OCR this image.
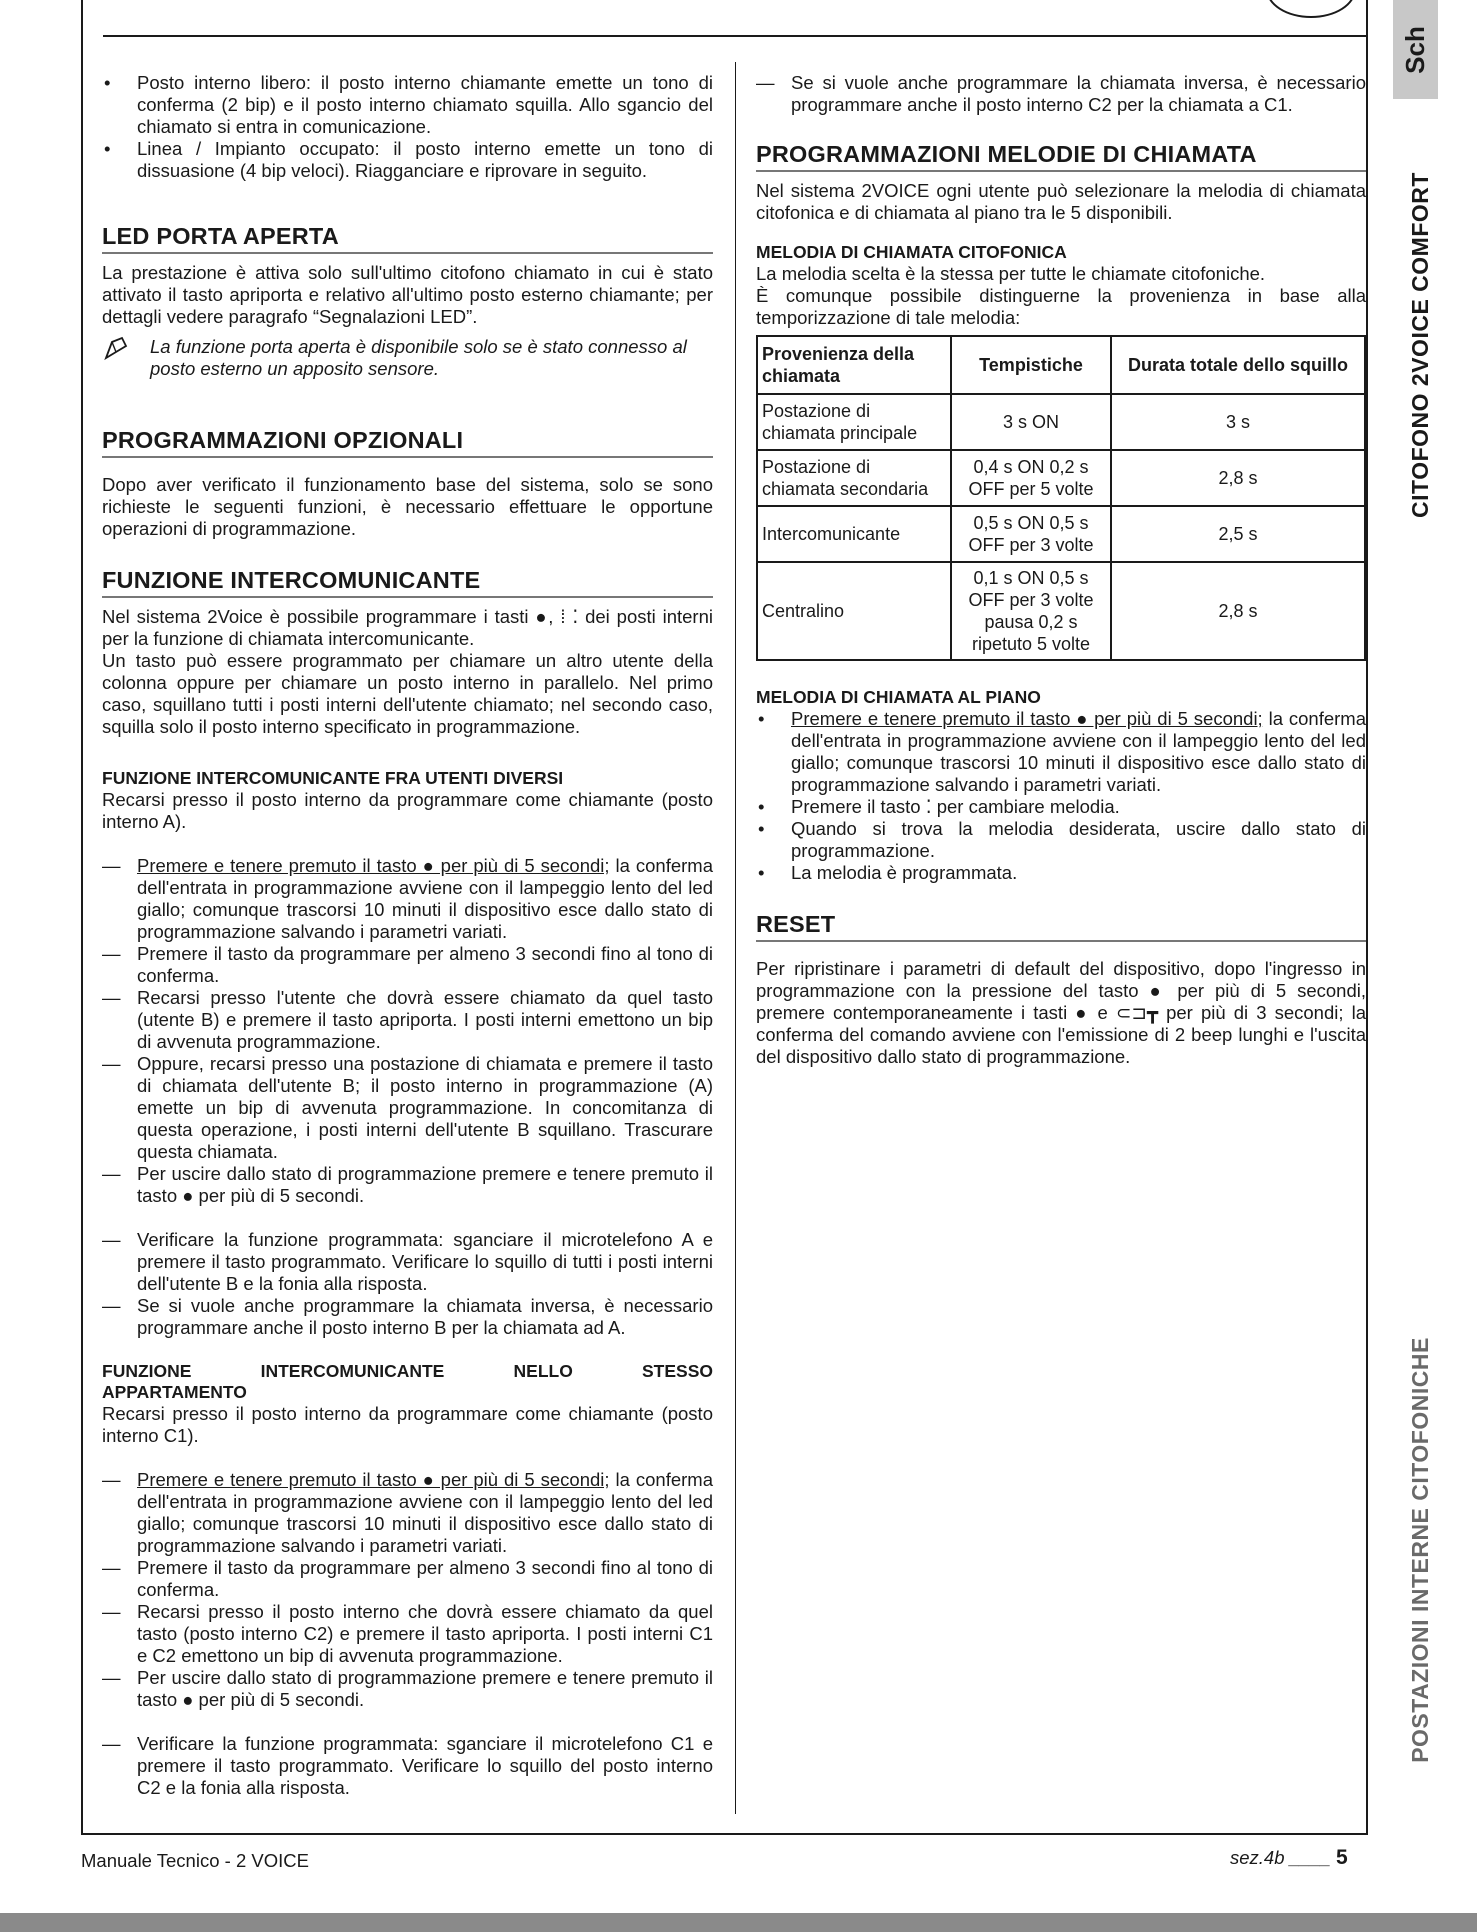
Sch
CITOFONO 2VOICE COMFORT
POSTAZIONI INTERNE CITOFONICHE
• Posto interno libero: il posto interno chiamante emette un tono di conferma (2 bip) e il posto interno chiamato squilla. Allo sgancio del chiamato si entra in comunicazione.
• Linea / Impianto occupato: il posto interno emette un tono di dissuasione (4 bip veloci). Riagganciare e riprovare in seguito.
LED PORTA APERTA

La prestazione è attiva solo sull'ultimo citofono chiamato in cui è stato attivato il tasto apriporta e relativo all'ultimo posto esterno chiamante; per dettagli vedere paragrafo “Segnalazioni LED”.

La funzione porta aperta è disponibile solo se è stato connesso al posto esterno un apposito sensore.
PROGRAMMAZIONI OPZIONALI

Dopo aver verificato il funzionamento base del sistema, solo se sono richieste le seguenti funzioni, è necessario effettuare le opportune operazioni di programmazione.

FUNZIONE INTERCOMUNICANTE

Nel sistema 2Voice è possibile programmare i tasti ●, ⁞ ⁚ dei posti interni per la funzione di chiamata intercomunicante.

Un tasto può essere programmato per chiamare un altro utente della colonna oppure per chiamare un posto interno in parallelo. Nel primo caso, squillano tutti i posti interni dell'utente chiamato; nel secondo caso, squilla solo il posto interno specificato in programmazione.

FUNZIONE INTERCOMUNICANTE FRA UTENTI DIVERSI

Recarsi presso il posto interno da programmare come chiamante (posto interno A).

— Premere e tenere premuto il tasto ● per più di 5 secondi; la conferma dell'entrata in programmazione avviene con il lampeggio lento del led giallo; comunque trascorsi 10 minuti il dispositivo esce dallo stato di programmazione salvando i parametri variati.
— Premere il tasto da programmare per almeno 3 secondi fino al tono di conferma.
— Recarsi presso l'utente che dovrà essere chiamato da quel tasto (utente B) e premere il tasto apriporta. I posti interni emettono un bip di avvenuta programmazione.
— Oppure, recarsi presso una postazione di chiamata e premere il tasto di chiamata dell'utente B; il posto interno in programmazione (A) emette un bip di avvenuta programmazione. In concomitanza di questa operazione, i posti interni dell'utente B squillano. Trascurare questa chiamata.
— Per uscire dallo stato di programmazione premere e tenere premuto il tasto ● per più di 5 secondi.
— Verificare la funzione programmata: sganciare il microtelefono A e premere il tasto programmato. Verificare lo squillo di tutti i posti interni dell'utente B e la fonia alla risposta.
— Se si vuole anche programmare la chiamata inversa, è necessario programmare anche il posto interno B per la chiamata ad A.
FUNZIONE INTERCOMUNICANTE NELLO STESSO
APPARTAMENTO

Recarsi presso il posto interno da programmare come chiamante (posto interno C1).

— Premere e tenere premuto il tasto ● per più di 5 secondi; la conferma dell'entrata in programmazione avviene con il lampeggio lento del led giallo; comunque trascorsi 10 minuti il dispositivo esce dallo stato di programmazione salvando i parametri variati.
— Premere il tasto da programmare per almeno 3 secondi fino al tono di conferma.
— Recarsi presso il posto interno che dovrà essere chiamato da quel tasto (posto interno C2) e premere il tasto apriporta. I posti interni C1 e C2 emettono un bip di avvenuta programmazione.
— Per uscire dallo stato di programmazione premere e tenere premuto il tasto ● per più di 5 secondi.
— Verificare la funzione programmata: sganciare il microtelefono C1 e premere il tasto programmato. Verificare lo squillo del posto interno C2 e la fonia alla risposta.
— Se si vuole anche programmare la chiamata inversa, è necessario programmare anche il posto interno C2 per la chiamata a C1.
PROGRAMMAZIONI MELODIE DI CHIAMATA

Nel sistema 2VOICE ogni utente può selezionare la melodia di chiamata citofonica e di chiamata al piano tra le 5 disponibili.

MELODIA DI CHIAMATA CITOFONICA

La melodia scelta è la stessa per tutte le chiamate citofoniche.

È comunque possibile distinguerne la provenienza in base alla temporizzazione di tale melodia:

Provenienza della chiamata	Tempistiche	Durata totale dello squillo
Postazione di chiamata principale	3 s ON	3 s
Postazione di chiamata secondaria	0,4 s ON 0,2 s OFF per 5 volte	2,8 s
Intercomunicante	0,5 s ON 0,5 s OFF per 3 volte	2,5 s
Centralino	0,1 s ON 0,5 s OFF per 3 volte pausa 0,2 s ripetuto 5 volte	2,8 s
MELODIA DI CHIAMATA AL PIANO
• Premere e tenere premuto il tasto ● per più di 5 secondi; la conferma dell'entrata in programmazione avviene con il lampeggio lento del led giallo; comunque trascorsi 10 minuti il dispositivo esce dallo stato di programmazione salvando i parametri variati.
• Premere il tasto ⁚ per cambiare melodia.
• Quando si trova la melodia desiderata, uscire dallo stato di programmazione.
• La melodia è programmata.
RESET

Per ripristinare i parametri di default del dispositivo, dopo l'ingresso in programmazione con la pressione del tasto ● per più di 5 secondi, premere contemporaneamente i tasti ● e ⊂⊐┳ per più di 3 secondi; la conferma del comando avviene con l'emissione di 2 beep lunghi e l'uscita del dispositivo dallo stato di programmazione.

Manuale Tecnico - 2 VOICE	sez.4b ____ 5
